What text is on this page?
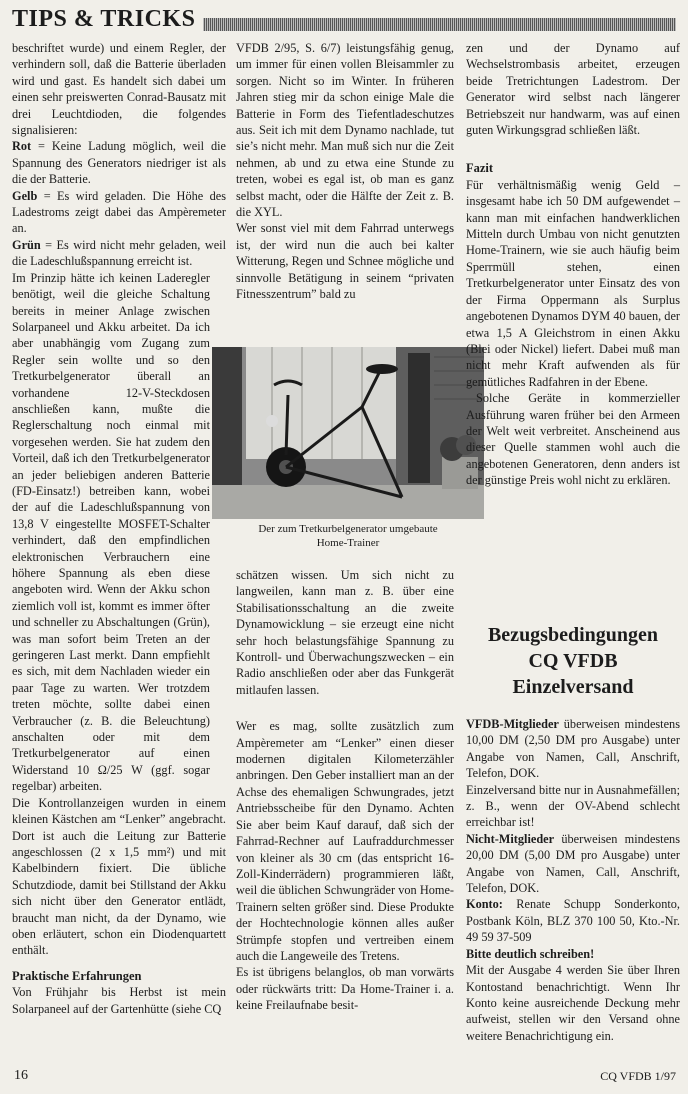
TIPS & TRICKS

beschriftet wurde) und einem Regler, der verhindern soll, daß die Batterie überladen wird und gast. Es handelt sich dabei um einen sehr preiswerten Conrad-Bausatz mit drei Leuchtdioden, die folgendes signalisieren:

Rot = Keine Ladung möglich, weil die Spannung des Generators niedriger ist als die der Batterie.

Gelb = Es wird geladen. Die Höhe des Ladestroms zeigt dabei das Ampèremeter an.

Grün = Es wird nicht mehr geladen, weil die Ladeschlußspannung erreicht ist.

Im Prinzip hätte ich keinen Laderegler benötigt, weil die gleiche Schaltung bereits in meiner Anlage zwischen Solarpaneel und Akku arbeitet. Da ich aber unabhängig vom Zugang zum Regler sein wollte und so den Tretkurbelgenerator überall an vorhandene 12-V-Steckdosen anschließen kann, mußte die Reglerschaltung noch einmal mit vorgesehen werden. Sie hat zudem den Vorteil, daß ich den Tretkurbelgenerator an jeder beliebigen anderen Batterie (FD-Einsatz!) betreiben kann, wobei der auf die Ladeschlußspannung von 13,8 V eingestellte MOSFET-Schalter verhindert, daß den empfindlichen elektronischen Verbrauchern eine höhere Spannung als eben diese angeboten wird. Wenn der Akku schon ziemlich voll ist, kommt es immer öfter und schneller zu Abschaltungen (Grün), was man sofort beim Treten an der geringeren Last merkt. Dann empfiehlt es sich, mit dem Nachladen wieder ein paar Tage zu warten. Wer trotzdem treten möchte, sollte dabei einen Verbraucher (z. B. die Beleuchtung) anschalten oder mit dem Tretkurbelgenerator auf einen Widerstand 10 Ω/25 W (ggf. sogar regelbar) arbeiten.

Die Kontrollanzeigen wurden in einem kleinen Kästchen am “Lenker” angebracht. Dort ist auch die Leitung zur Batterie angeschlossen (2 x 1,5 mm²) und mit Kabelbindern fixiert. Die übliche Schutzdiode, damit bei Stillstand der Akku sich nicht über den Generator entlädt, braucht man nicht, da der Dynamo, wie oben erläutert, schon ein Diodenquartett enthält.

Praktische Erfahrungen

Von Frühjahr bis Herbst ist mein Solarpaneel auf der Gartenhütte (siehe CQ

VFDB 2/95, S. 6/7) leistungsfähig genug, um immer für einen vollen Bleisammler zu sorgen. Nicht so im Winter. In früheren Jahren stieg mir da schon einige Male die Batterie in Form des Tiefentladeschutzes aus. Seit ich mit dem Dynamo nachlade, tut sie’s nicht mehr. Man muß sich nur die Zeit nehmen, ab und zu etwa eine Stunde zu treten, wobei es egal ist, ob man es ganz selbst macht, oder die Hälfte der Zeit z. B. die XYL.

Wer sonst viel mit dem Fahrrad unterwegs ist, der wird nun die auch bei kalter Witterung, Regen und Schnee mögliche und sinnvolle Betätigung in seinem “privaten Fitnesszentrum” bald zu

Der zum Tretkurbelgenerator umgebaute
Home-Trainer

schätzen wissen. Um sich nicht zu langweilen, kann man z. B. über eine Stabilisationsschaltung an die zweite Dynamowicklung – sie erzeugt eine nicht sehr hoch belastungsfähige Spannung zu Kontroll- und Überwachungszwecken – ein Radio anschließen oder aber das Funkgerät mitlaufen lassen.

Wer es mag, sollte zusätzlich zum Ampèremeter am “Lenker” einen dieser modernen digitalen Kilometerzähler anbringen. Den Geber installiert man an der Achse des ehemaligen Schwungrades, jetzt Antriebsscheibe für den Dynamo. Achten Sie aber beim Kauf darauf, daß sich der Fahrrad-Rechner auf Laufraddurchmesser von kleiner als 30 cm (das entspricht 16-Zoll-Kinderrädern) programmieren läßt, weil die üblichen Schwungräder von Home-Trainern selten größer sind. Diese Produkte der Hochtechnologie können alles außer Strümpfe stopfen und vertreiben einem auch die Langeweile des Tretens.

Es ist übrigens belanglos, ob man vorwärts oder rückwärts tritt: Da Home-Trainer i. a. keine Freilaufnabe besit-

zen und der Dynamo auf Wechselstrombasis arbeitet, erzeugen beide Tretrichtungen Ladestrom. Der Generator wird selbst nach längerer Betriebszeit nur handwarm, was auf einen guten Wirkungsgrad schließen läßt.

Fazit

Für verhältnismäßig wenig Geld – insgesamt habe ich 50 DM aufgewendet – kann man mit einfachen handwerklichen Mitteln durch Umbau von nicht genutzten Home-Trainern, wie sie auch häufig beim Sperrmüll stehen, einen Tretkurbelgenerator unter Einsatz des von der Firma Oppermann als Surplus angebotenen Dynamos DYM 40 bauen, der etwa 1,5 A Gleichstrom in einen Akku (Blei oder Nickel) liefert. Dabei muß man nicht mehr Kraft aufwenden als für gemütliches Radfahren in der Ebene.

Solche Geräte in kommerzieller Ausführung waren früher bei den Armeen der Welt weit verbreitet. Anscheinend aus dieser Quelle stammen wohl auch die angebotenen Generatoren, denn anders ist der günstige Preis wohl nicht zu erklären.

Bezugsbedingungen
CQ VFDB
Einzelversand

VFDB-Mitglieder überweisen mindestens 10,00 DM (2,50 DM pro Ausgabe) unter Angabe von Namen, Call, Anschrift, Telefon, DOK.

Einzelversand bitte nur in Ausnahmefällen; z. B., wenn der OV-Abend schlecht erreichbar ist!

Nicht-Mitglieder überweisen mindestens 20,00 DM (5,00 DM pro Ausgabe) unter Angabe von Namen, Call, Anschrift, Telefon, DOK.

Konto: Renate Schupp Sonderkonto, Postbank Köln, BLZ 370 100 50, Kto.-Nr. 49 59 37-509

Bitte deutlich schreiben!

Mit der Ausgabe 4 werden Sie über Ihren Kontostand benachrichtigt. Wenn Ihr Konto keine ausreichende Deckung mehr aufweist, stellen wir den Versand ohne weitere Benachrichtigung ein.

16	CQ VFDB 1/97
